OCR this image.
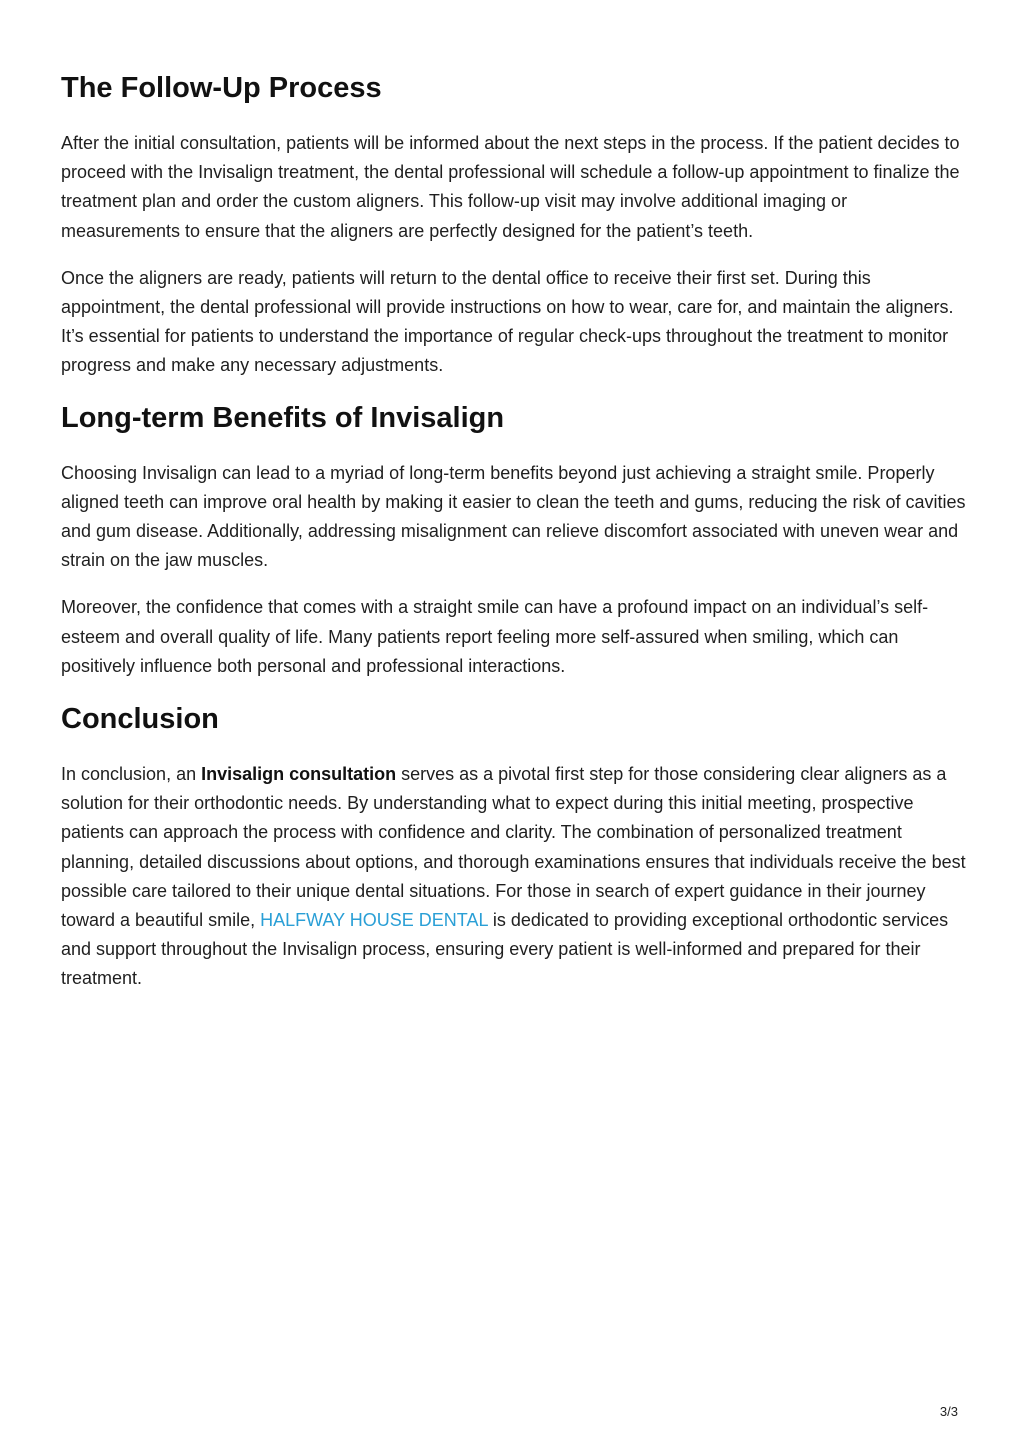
The Follow-Up Process

After the initial consultation, patients will be informed about the next steps in the process. If the patient decides to proceed with the Invisalign treatment, the dental professional will schedule a follow-up appointment to finalize the treatment plan and order the custom aligners. This follow-up visit may involve additional imaging or measurements to ensure that the aligners are perfectly designed for the patient’s teeth.

Once the aligners are ready, patients will return to the dental office to receive their first set. During this appointment, the dental professional will provide instructions on how to wear, care for, and maintain the aligners. It’s essential for patients to understand the importance of regular check-ups throughout the treatment to monitor progress and make any necessary adjustments.

Long-term Benefits of Invisalign

Choosing Invisalign can lead to a myriad of long-term benefits beyond just achieving a straight smile. Properly aligned teeth can improve oral health by making it easier to clean the teeth and gums, reducing the risk of cavities and gum disease. Additionally, addressing misalignment can relieve discomfort associated with uneven wear and strain on the jaw muscles.

Moreover, the confidence that comes with a straight smile can have a profound impact on an individual’s self-esteem and overall quality of life. Many patients report feeling more self-assured when smiling, which can positively influence both personal and professional interactions.

Conclusion

In conclusion, an Invisalign consultation serves as a pivotal first step for those considering clear aligners as a solution for their orthodontic needs. By understanding what to expect during this initial meeting, prospective patients can approach the process with confidence and clarity. The combination of personalized treatment planning, detailed discussions about options, and thorough examinations ensures that individuals receive the best possible care tailored to their unique dental situations. For those in search of expert guidance in their journey toward a beautiful smile, HALFWAY HOUSE DENTAL is dedicated to providing exceptional orthodontic services and support throughout the Invisalign process, ensuring every patient is well-informed and prepared for their treatment.

3/3
